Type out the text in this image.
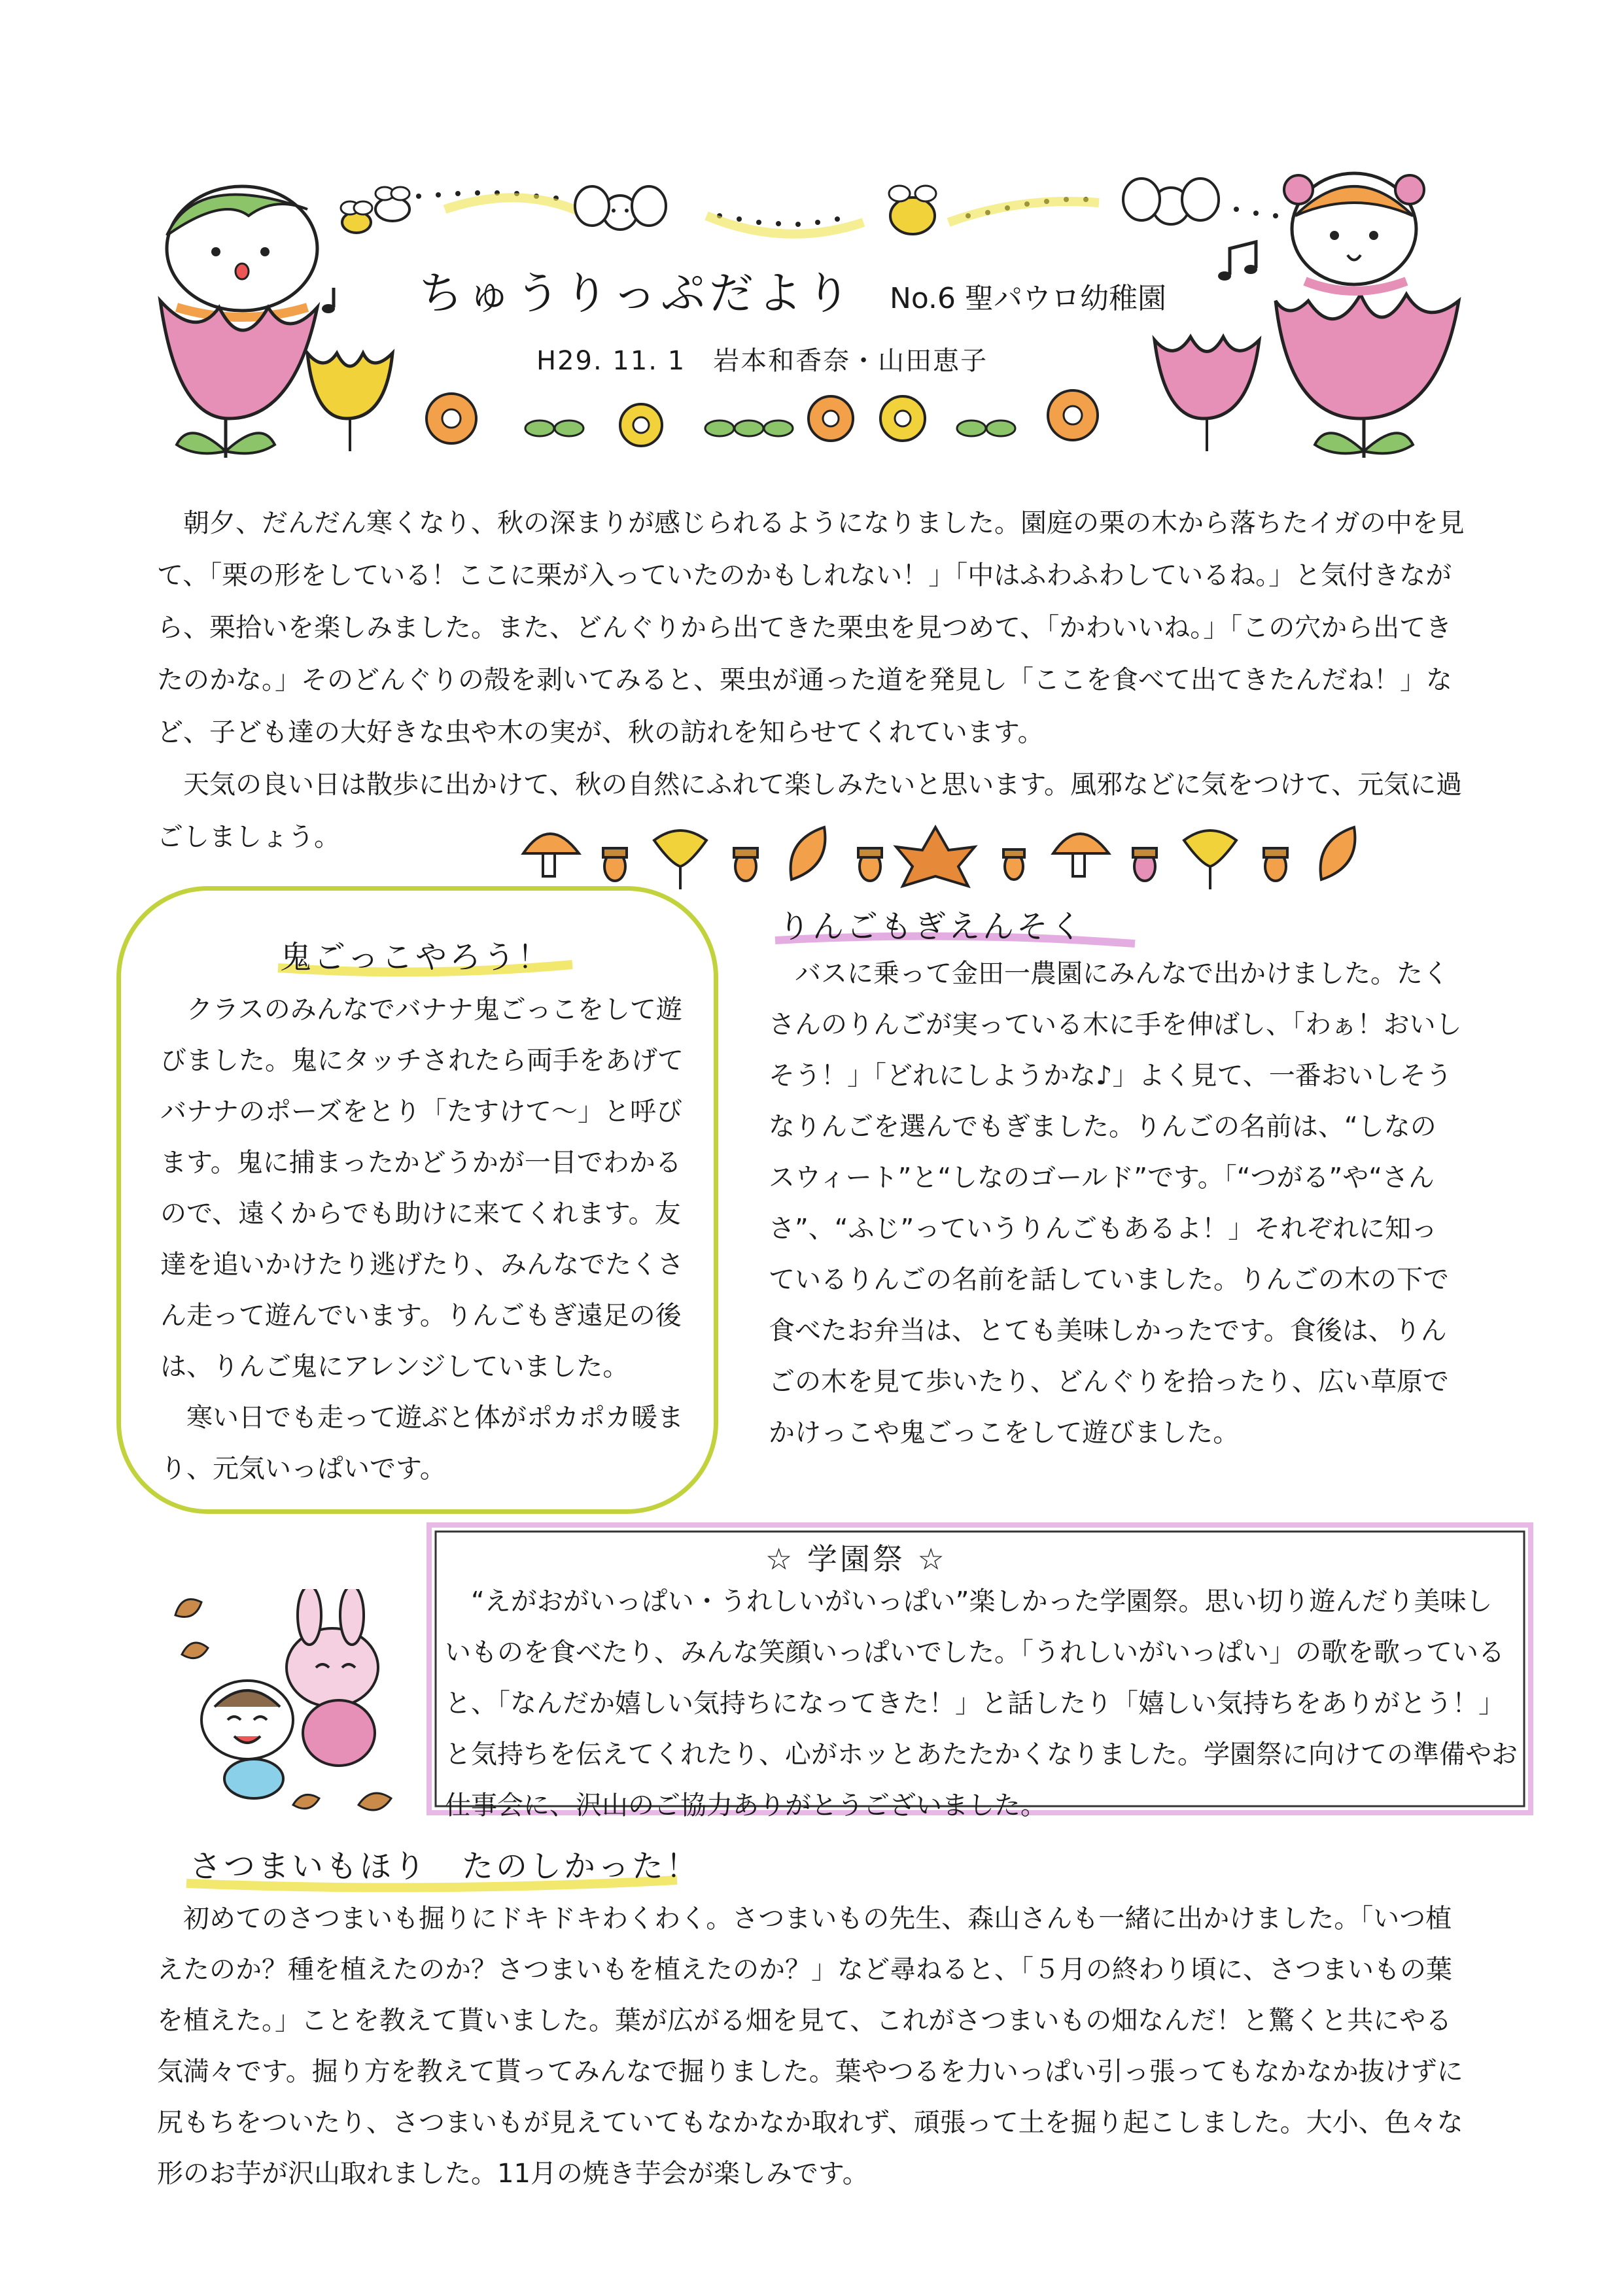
ちゅうりっぷだより No.6 聖パウロ幼稚園
H29. 11. 1　岩本和香奈・山田恵子

朝夕、だんだん寒くなり、秋の深まりが感じられるようになりました。園庭の栗の木から落ちたイガの中を見て、「栗の形をしている！ここに栗が入っていたのかもしれない！」「中はふわふわしているね。」と気付きながら、栗拾いを楽しみました。また、どんぐりから出てきた栗虫を見つめて、「かわいいね。」「この穴から出てきたのかな。」そのどんぐりの殻を剥いてみると、栗虫が通った道を発見し「ここを食べて出てきたんだね！」など、子ども達の大好きな虫や木の実が、秋の訪れを知らせてくれています。

天気の良い日は散歩に出かけて、秋の自然にふれて楽しみたいと思います。風邪などに気をつけて、元気に過ごしましょう。

鬼ごっこやろう！

クラスのみんなでバナナ鬼ごっこをして遊びました。鬼にタッチされたら両手をあげてバナナのポーズをとり「たすけて〜」と呼びます。鬼に捕まったかどうかが一目でわかるので、遠くからでも助けに来てくれます。友達を追いかけたり逃げたり、みんなでたくさん走って遊んでいます。りんごもぎ遠足の後は、りんご鬼にアレンジしていました。

寒い日でも走って遊ぶと体がポカポカ暖まり、元気いっぱいです。

りんごもぎえんそく

バスに乗って金田一農園にみんなで出かけました。たくさんのりんごが実っている木に手を伸ばし、「わぁ！おいしそう！」「どれにしようかな♪」よく見て、一番おいしそうなりんごを選んでもぎました。りんごの名前は、“しなのスウィート”と“しなのゴールド”です。「“つがる”や“さんさ”、“ふじ”っていうりんごもあるよ！」それぞれに知っているりんごの名前を話していました。りんごの木の下で食べたお弁当は、とても美味しかったです。食後は、りんごの木を見て歩いたり、どんぐりを拾ったり、広い草原でかけっこや鬼ごっこをして遊びました。

☆ 学園祭 ☆

“えがおがいっぱい・うれしいがいっぱい”楽しかった学園祭。思い切り遊んだり美味しいものを食べたり、みんな笑顔いっぱいでした。「うれしいがいっぱい」の歌を歌っていると、「なんだか嬉しい気持ちになってきた！」と話したり「嬉しい気持ちをありがとう！」と気持ちを伝えてくれたり、心がホッとあたたかくなりました。学園祭に向けての準備やお仕事会に、沢山のご協力ありがとうございました。

さつまいもほり　たのしかった！

初めてのさつまいも掘りにドキドキわくわく。さつまいもの先生、森山さんも一緒に出かけました。「いつ植えたのか？種を植えたのか？さつまいもを植えたのか？」など尋ねると、「５月の終わり頃に、さつまいもの葉を植えた。」ことを教えて貰いました。葉が広がる畑を見て、これがさつまいもの畑なんだ！と驚くと共にやる気満々です。掘り方を教えて貰ってみんなで掘りました。葉やつるを力いっぱい引っ張ってもなかなか抜けずに尻もちをついたり、さつまいもが見えていてもなかなか取れず、頑張って土を掘り起こしました。大小、色々な形のお芋が沢山取れました。11月の焼き芋会が楽しみです。
